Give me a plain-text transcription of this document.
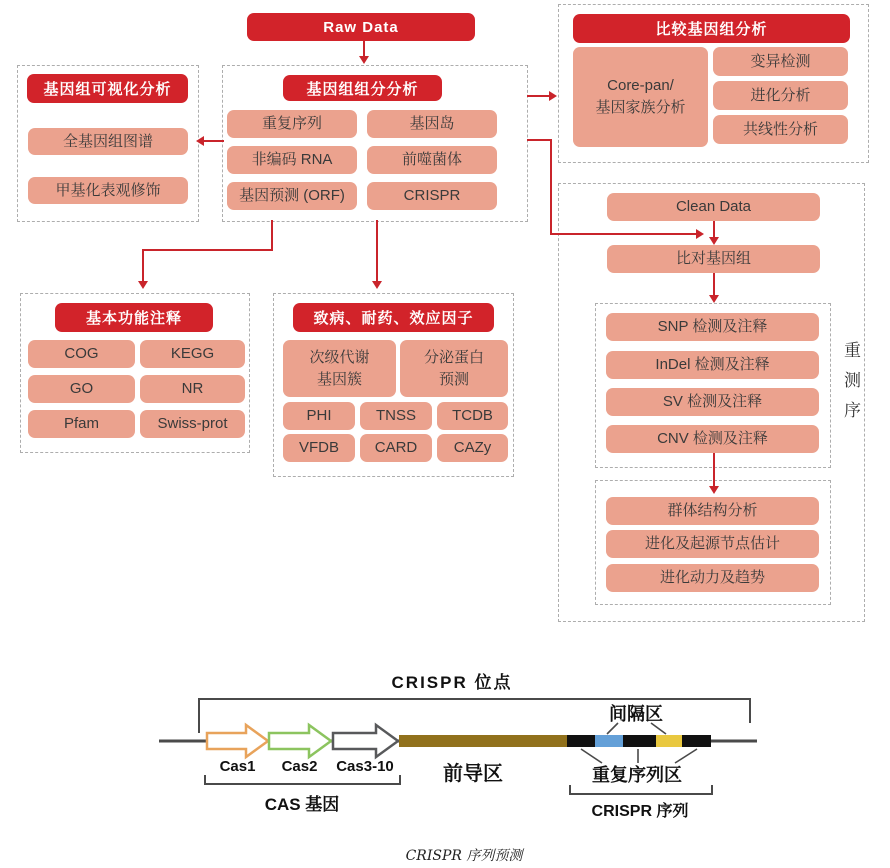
Raw Data
基因组可视化分析
全基因组图谱
甲基化表观修饰
基因组组分分析
重复序列	基因岛
非编码 RNA	前噬菌体
基因预测 (ORF)	CRISPR
比较基因组分析
Core-pan/
基因家族分析
变异检测
进化分析
共线性分析
Clean Data
比对基因组
SNP 检测及注释
InDel 检测及注释
SV 检测及注释
CNV 检测及注释
重测序
群体结构分析
进化及起源节点估计
进化动力及趋势
基本功能注释
COG	KEGG
GO	NR
Pfam	Swiss-prot
致病、耐药、效应因子
次级代谢
基因簇
分泌蛋白
预测
PHI	TNSS	TCDB
VFDB	CARD	CAZy
CRISPR 位点
Cas1	Cas2	Cas3-10	前导区
间隔区
重复序列区
CAS 基因	CRISPR 序列
CRISPR 序列预测
